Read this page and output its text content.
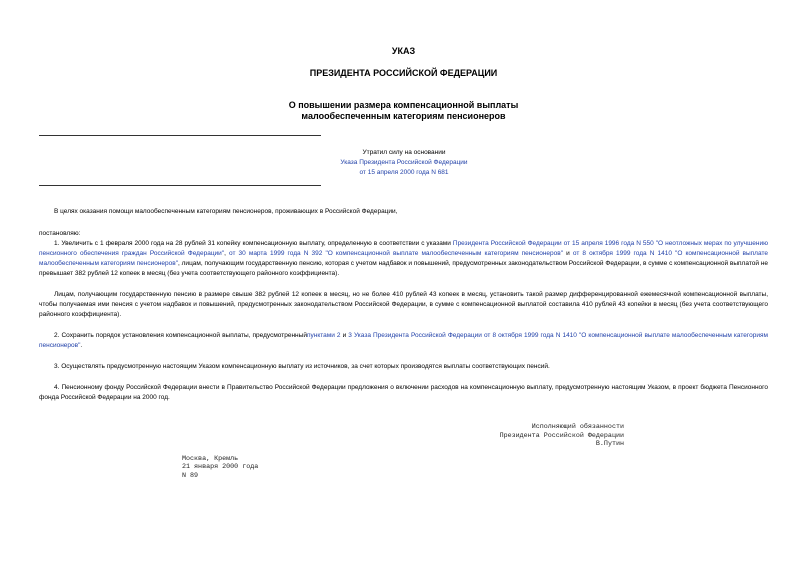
УКАЗ
ПРЕЗИДЕНТА РОССИЙСКОЙ ФЕДЕРАЦИИ
О повышении размера компенсационной выплаты
малообеспеченным категориям пенсионеров
Утратил силу на основании
Указа Президента Российской Федерации
от 15 апреля 2000 года N 681
В целях оказания помощи малообеспеченным категориям пенсионеров, проживающих в Российской Федерации,
постановляю:
1. Увеличить с 1 февраля 2000 года на 28 рублей 31 копейку компенсационную выплату, определенную в соответствии с указами Президента Российской Федерации от 15 апреля 1996 года N 550 "О неотложных мерах по улучшению пенсионного обеспечения граждан Российской Федерации", от 30 марта 1999 года N 392 "О компенсационной выплате малообеспеченным категориям пенсионеров" и от 8 октября 1999 года N 1410 "О компенсационной выплате малообеспеченным категориям пенсионеров", лицам, получающим государственную пенсию, которая с учетом надбавок и повышений, предусмотренных законодательством Российской Федерации, в сумме с компенсационной выплатой не превышает 382 рублей 12 копеек в месяц (без учета соответствующего районного коэффициента).
Лицам, получающим государственную пенсию в размере свыше 382 рублей 12 копеек в месяц, но не более 410 рублей 43 копеек в месяц, установить такой размер дифференцированной ежемесячной компенсационной выплаты, чтобы получаемая ими пенсия с учетом надбавок и повышений, предусмотренных законодательством Российской Федерации, в сумме с компенсационной выплатой составила 410 рублей 43 копейки в месяц (без учета соответствующего районного коэффициента).
2. Сохранить порядок установления компенсационной выплаты, предусмотренныйпунктами 2 и 3 Указа Президента Российской Федерации от 8 октября 1999 года N 1410 "О компенсационной выплате малообеспеченным категориям пенсионеров".
3. Осуществлять предусмотренную настоящим Указом компенсационную выплату из источников, за счет которых производятся выплаты соответствующих пенсий.
4. Пенсионному фонду Российской Федерации внести в Правительство Российской Федерации предложения о включении расходов на компенсационную выплату, предусмотренную настоящим Указом, в проект бюджета Пенсионного фонда Российской Федерации на 2000 год.
Исполняющий обязанности
Президента Российской Федерации
В.Путин
Москва, Кремль
21 января 2000 года
N 89
